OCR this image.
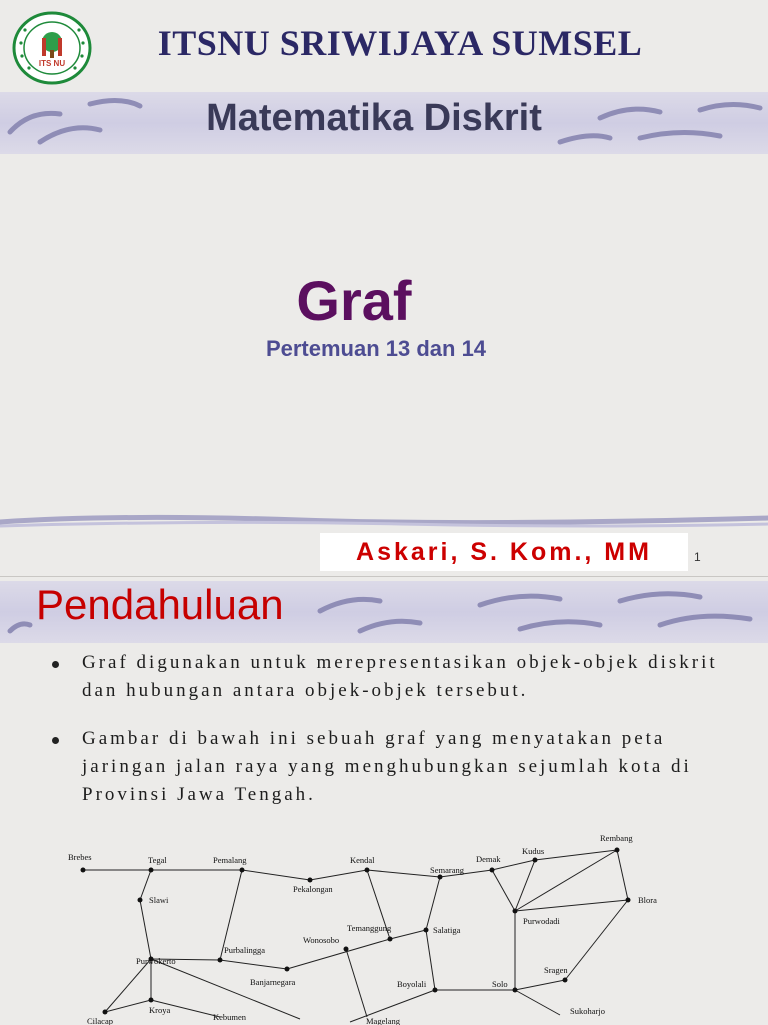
ITS NU
ITSNU SRIWIJAYA SUMSEL
Matematika Diskrit
Graf
Pertemuan 13 dan 14
Askari, S. Kom., MM	1
Pendahuluan
Graf digunakan untuk merepresentasikan objek-objek diskrit dan hubungan antara objek-objek tersebut.
Gambar di bawah ini sebuah graf yang menyatakan peta jaringan jalan raya yang menghubungkan sejumlah kota di Provinsi Jawa Tengah.
Brebes	Tegal	Pemalang	Kendal
Pekalongan
Semarang
Demak
Kudus
Rembang
Slawi	Blora
Purwodadi
Temanggung
Wonosobo
Salatiga
Purbalingga
Purwokerto
Banjarnegara
Sragen
Boyolali	Solo
Kroya
Cilacap	Kebumen	Magelang
Sukoharjo
